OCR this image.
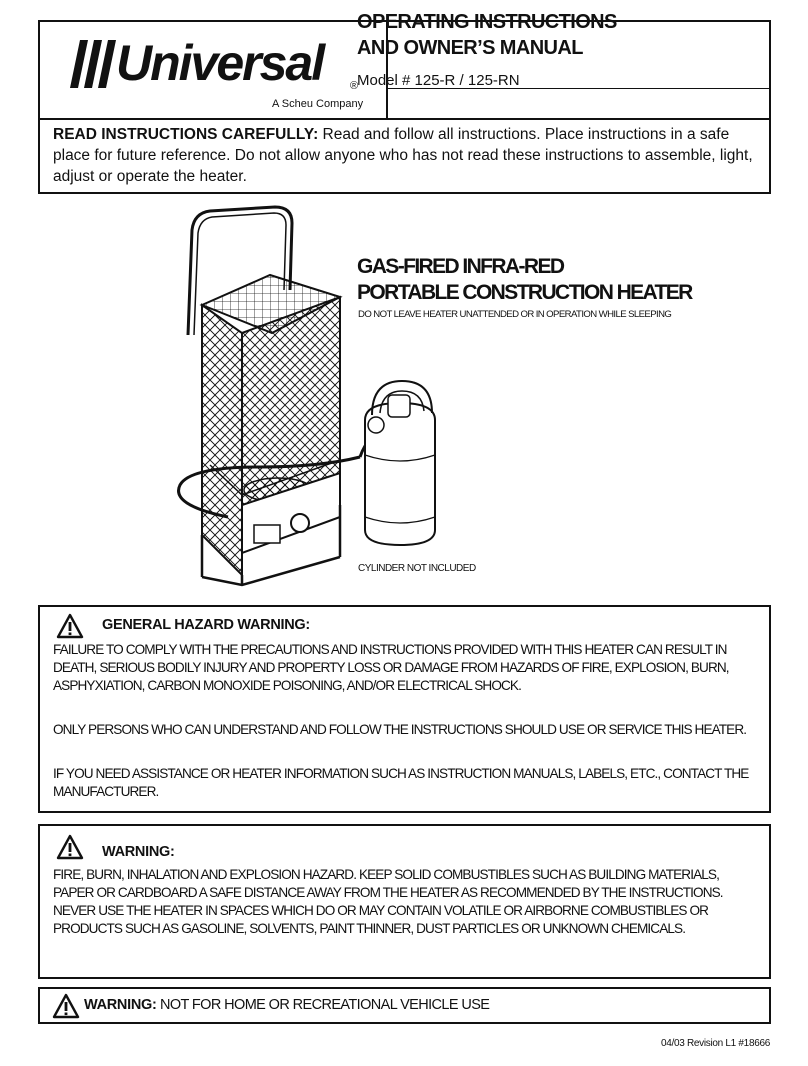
Universal ®
A Scheu Company
OPERATING INSTRUCTIONS
AND OWNER’S MANUAL
Model # 125-R / 125-RN
READ INSTRUCTIONS CAREFULLY: Read and follow all instructions. Place instructions in a safe place for future reference. Do not allow anyone who has not read these instructions to assemble, light, adjust or operate the heater.
GAS-FIRED INFRA-RED
PORTABLE CONSTRUCTION HEATER
DO NOT LEAVE HEATER UNATTENDED OR IN OPERATION WHILE SLEEPING
CYLINDER NOT INCLUDED
GENERAL HAZARD WARNING:
FAILURE TO COMPLY WITH THE PRECAUTIONS AND INSTRUCTIONS PROVIDED WITH THIS HEATER CAN RESULT IN DEATH, SERIOUS BODILY INJURY AND PROPERTY LOSS OR DAMAGE FROM HAZARDS OF FIRE, EXPLOSION, BURN, ASPHYXIATION, CARBON MONOXIDE POISONING, AND/OR ELECTRICAL SHOCK.
ONLY PERSONS WHO CAN UNDERSTAND AND FOLLOW THE INSTRUCTIONS SHOULD USE OR SERVICE THIS HEATER.
IF YOU NEED ASSISTANCE OR HEATER INFORMATION SUCH AS INSTRUCTION MANUALS, LABELS, ETC., CONTACT THE MANUFACTURER.
WARNING:
FIRE, BURN, INHALATION AND EXPLOSION HAZARD. KEEP SOLID COMBUSTIBLES SUCH AS BUILDING MATERIALS, PAPER OR CARDBOARD A SAFE DISTANCE AWAY FROM THE HEATER AS RECOMMENDED BY THE INSTRUCTIONS. NEVER USE THE HEATER IN SPACES WHICH DO OR MAY CONTAIN VOLATILE OR AIRBORNE COMBUSTIBLES OR PRODUCTS SUCH AS GASOLINE, SOLVENTS, PAINT THINNER, DUST PARTICLES OR UNKNOWN CHEMICALS.
WARNING: NOT FOR HOME OR RECREATIONAL VEHICLE USE
04/03 Revision L1 #18666
